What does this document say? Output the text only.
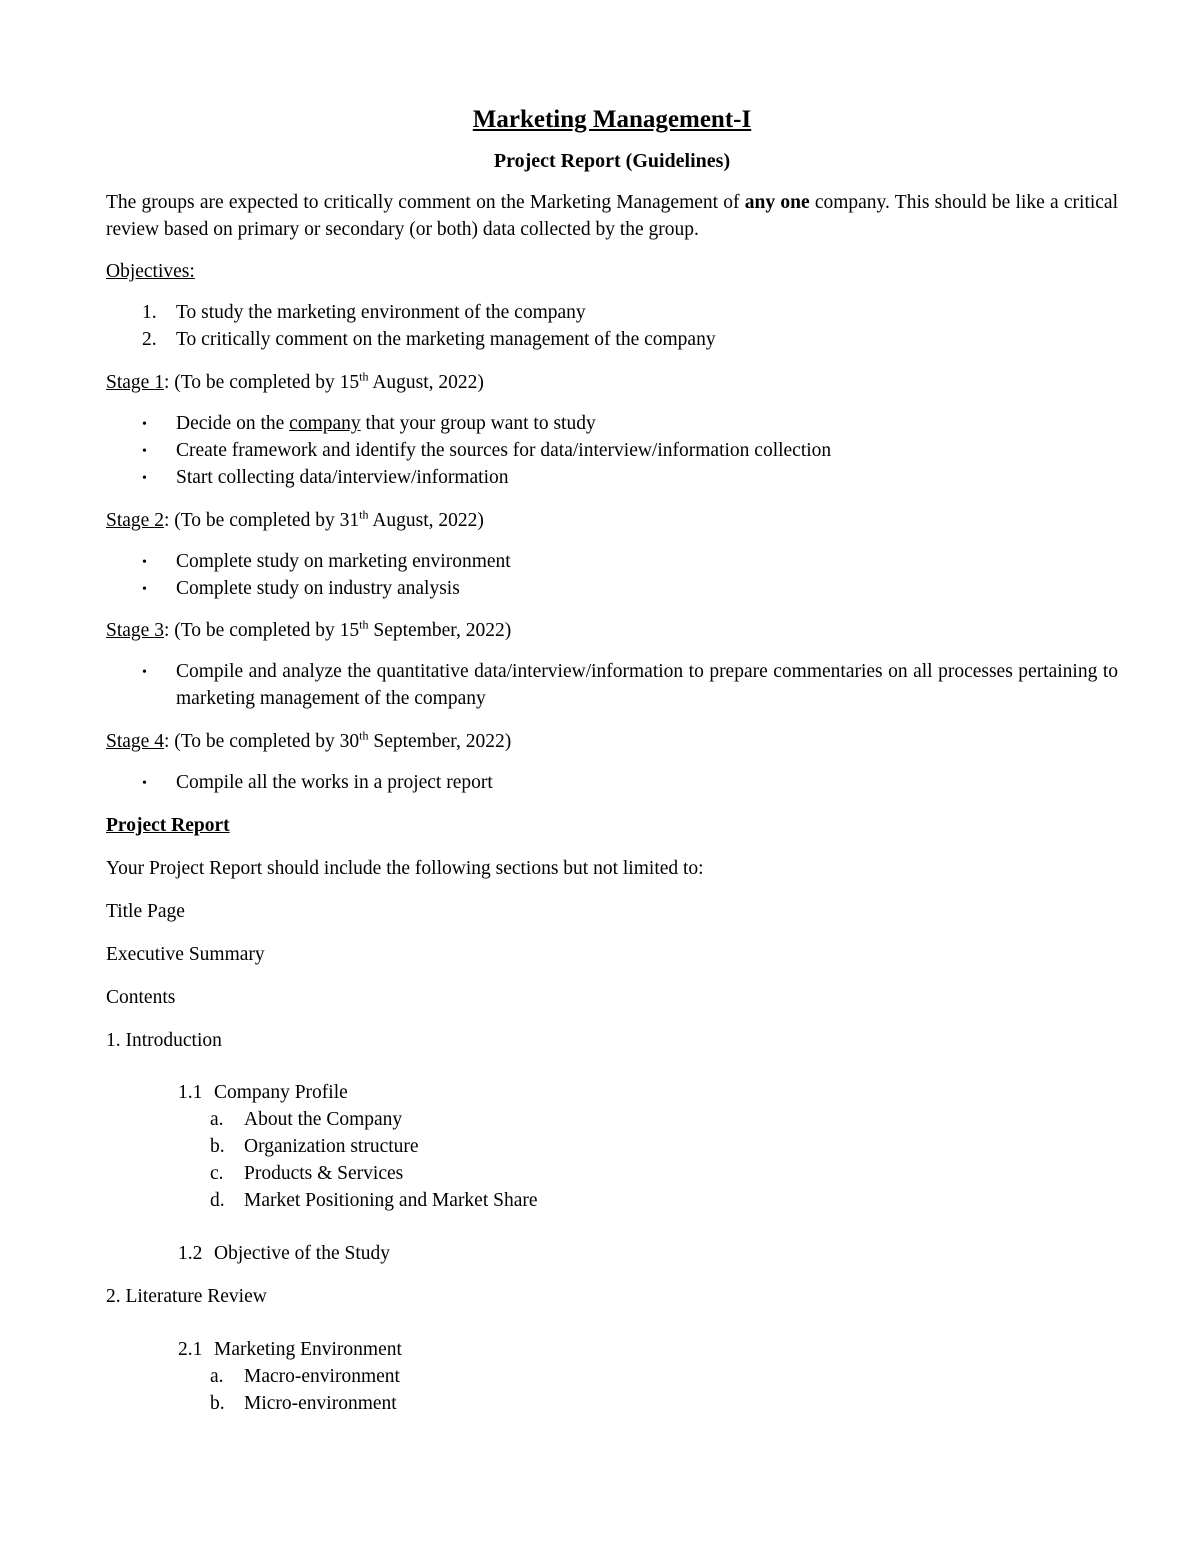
Marketing Management-I

Project Report (Guidelines)

The groups are expected to critically comment on the Marketing Management of any one company. This should be like a critical review based on primary or secondary (or both) data collected by the group.

Objectives:

1. To study the marketing environment of the company
2. To critically comment on the marketing management of the company

Stage 1: (To be completed by 15th August, 2022)

• Decide on the company that your group want to study
• Create framework and identify the sources for data/interview/information collection
• Start collecting data/interview/information

Stage 2: (To be completed by 31th August, 2022)

• Complete study on marketing environment
• Complete study on industry analysis

Stage 3: (To be completed by 15th September, 2022)

• Compile and analyze the quantitative data/interview/information to prepare commentaries on all processes pertaining to marketing management of the company

Stage 4: (To be completed by 30th September, 2022)

• Compile all the works in a project report

Project Report

Your Project Report should include the following sections but not limited to:

Title Page

Executive Summary

Contents

1. Introduction

1.1 Company Profile

a. About the Company
b. Organization structure
c. Products & Services
d. Market Positioning and Market Share

1.2 Objective of the Study

2. Literature Review

2.1 Marketing Environment

a. Macro-environment
b. Micro-environment
